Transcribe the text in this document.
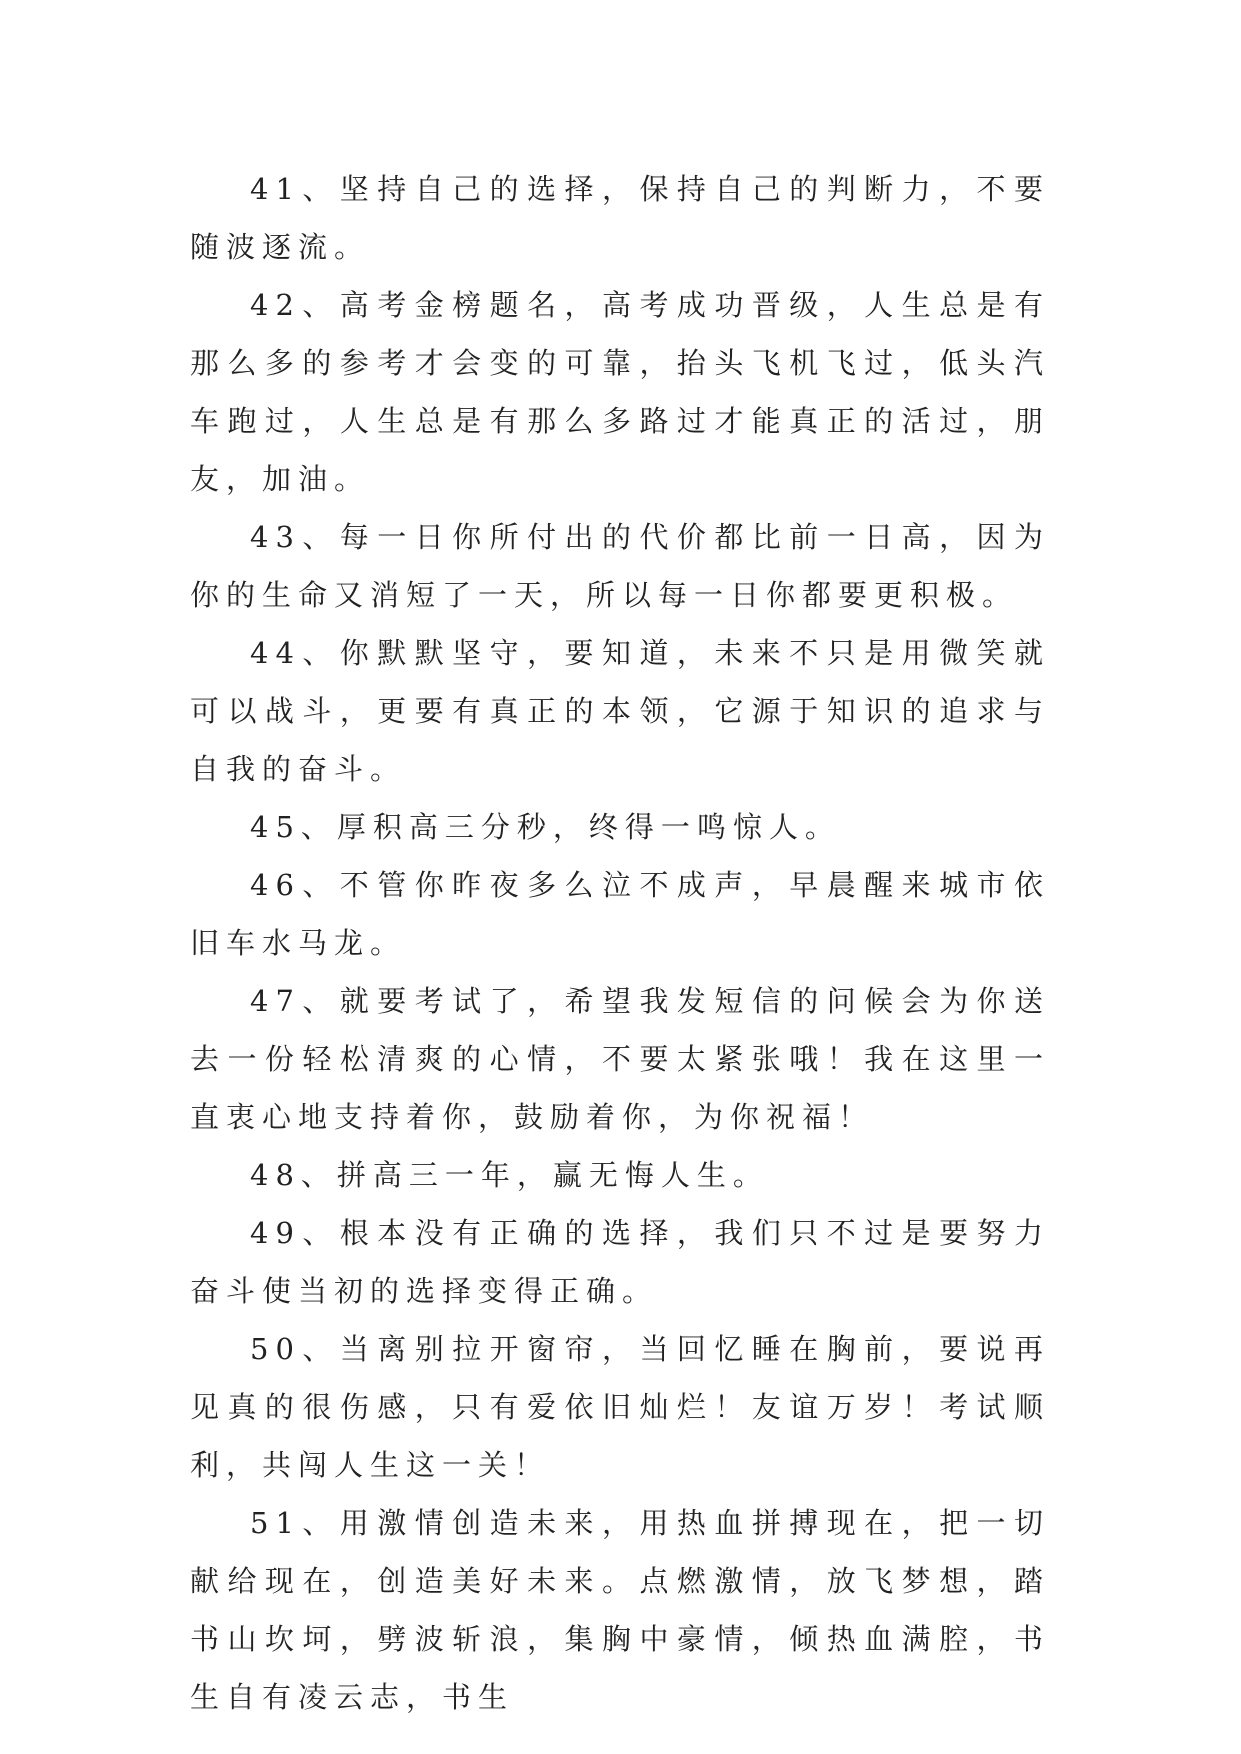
41、坚持自己的选择，保持自己的判断力，不要随波逐流。

42、高考金榜题名，高考成功晋级，人生总是有那么多的参考才会变的可靠，抬头飞机飞过，低头汽车跑过，人生总是有那么多路过才能真正的活过，朋友，加油。

43、每一日你所付出的代价都比前一日高，因为你的生命又消短了一天，所以每一日你都要更积极。

44、你默默坚守，要知道，未来不只是用微笑就可以战斗，更要有真正的本领，它源于知识的追求与自我的奋斗。

45、厚积高三分秒，终得一鸣惊人。

46、不管你昨夜多么泣不成声，早晨醒来城市依旧车水马龙。

47、就要考试了，希望我发短信的问候会为你送去一份轻松清爽的心情，不要太紧张哦！我在这里一直衷心地支持着你，鼓励着你，为你祝福！

48、拼高三一年，赢无悔人生。

49、根本没有正确的选择，我们只不过是要努力奋斗使当初的选择变得正确。

50、当离别拉开窗帘，当回忆睡在胸前，要说再见真的很伤感，只有爱依旧灿烂！友谊万岁！考试顺利，共闯人生这一关！

51、用激情创造未来，用热血拼搏现在，把一切献给现在，创造美好未来。点燃激情，放飞梦想，踏书山坎坷，劈波斩浪，集胸中豪情，倾热血满腔，书生自有凌云志，书生
